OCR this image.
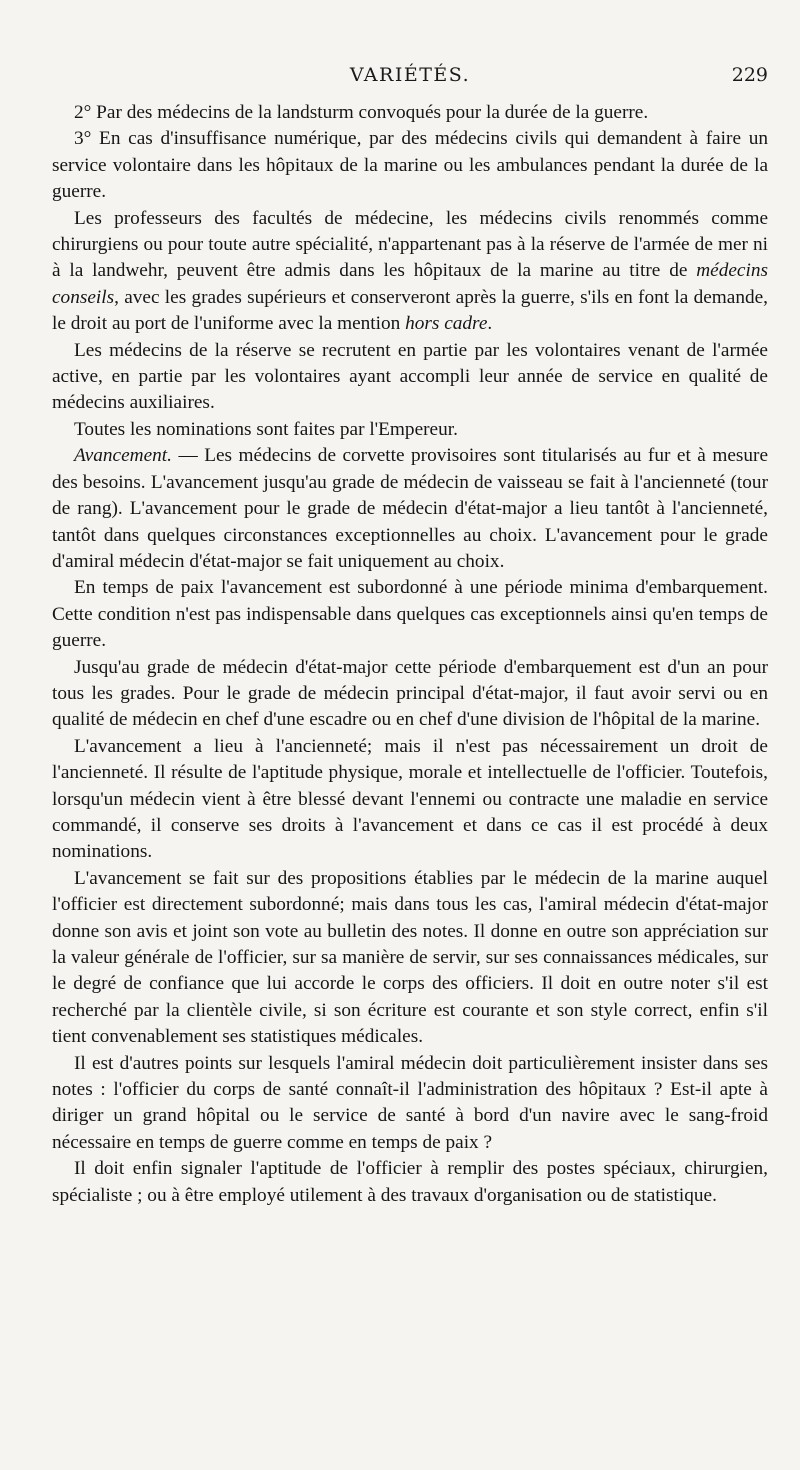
VARIÉTÉS.	229

2° Par des médecins de la landsturm convoqués pour la durée de la guerre.

3° En cas d'insuffisance numérique, par des médecins civils qui demandent à faire un service volontaire dans les hôpitaux de la marine ou les ambulances pendant la durée de la guerre.

Les professeurs des facultés de médecine, les médecins civils renommés comme chirurgiens ou pour toute autre spécialité, n'appartenant pas à la réserve de l'armée de mer ni à la landwehr, peuvent être admis dans les hôpitaux de la marine au titre de médecins conseils, avec les grades supérieurs et conserveront après la guerre, s'ils en font la demande, le droit au port de l'uniforme avec la mention hors cadre.

Les médecins de la réserve se recrutent en partie par les volontaires venant de l'armée active, en partie par les volontaires ayant accompli leur année de service en qualité de médecins auxiliaires.

Toutes les nominations sont faites par l'Empereur.

Avancement. — Les médecins de corvette provisoires sont titularisés au fur et à mesure des besoins. L'avancement jusqu'au grade de médecin de vaisseau se fait à l'ancienneté (tour de rang). L'avancement pour le grade de médecin d'état-major a lieu tantôt à l'ancienneté, tantôt dans quelques circonstances exceptionnelles au choix. L'avancement pour le grade d'amiral médecin d'état-major se fait uniquement au choix.

En temps de paix l'avancement est subordonné à une période minima d'embarquement. Cette condition n'est pas indispensable dans quelques cas exceptionnels ainsi qu'en temps de guerre.

Jusqu'au grade de médecin d'état-major cette période d'embarquement est d'un an pour tous les grades. Pour le grade de médecin principal d'état-major, il faut avoir servi ou en qualité de médecin en chef d'une escadre ou en chef d'une division de l'hôpital de la marine.

L'avancement a lieu à l'ancienneté; mais il n'est pas nécessairement un droit de l'ancienneté. Il résulte de l'aptitude physique, morale et intellectuelle de l'officier. Toutefois, lorsqu'un médecin vient à être blessé devant l'ennemi ou contracte une maladie en service commandé, il conserve ses droits à l'avancement et dans ce cas il est procédé à deux nominations.

L'avancement se fait sur des propositions établies par le médecin de la marine auquel l'officier est directement subordonné; mais dans tous les cas, l'amiral médecin d'état-major donne son avis et joint son vote au bulletin des notes. Il donne en outre son appréciation sur la valeur générale de l'officier, sur sa manière de servir, sur ses connaissances médicales, sur le degré de confiance que lui accorde le corps des officiers. Il doit en outre noter s'il est recherché par la clientèle civile, si son écriture est courante et son style correct, enfin s'il tient convenablement ses statistiques médicales.

Il est d'autres points sur lesquels l'amiral médecin doit particulièrement insister dans ses notes : l'officier du corps de santé connaît-il l'administration des hôpitaux ? Est-il apte à diriger un grand hôpital ou le service de santé à bord d'un navire avec le sang-froid nécessaire en temps de guerre comme en temps de paix ?

Il doit enfin signaler l'aptitude de l'officier à remplir des postes spéciaux, chirurgien, spécialiste ; ou à être employé utilement à des travaux d'organisation ou de statistique.
